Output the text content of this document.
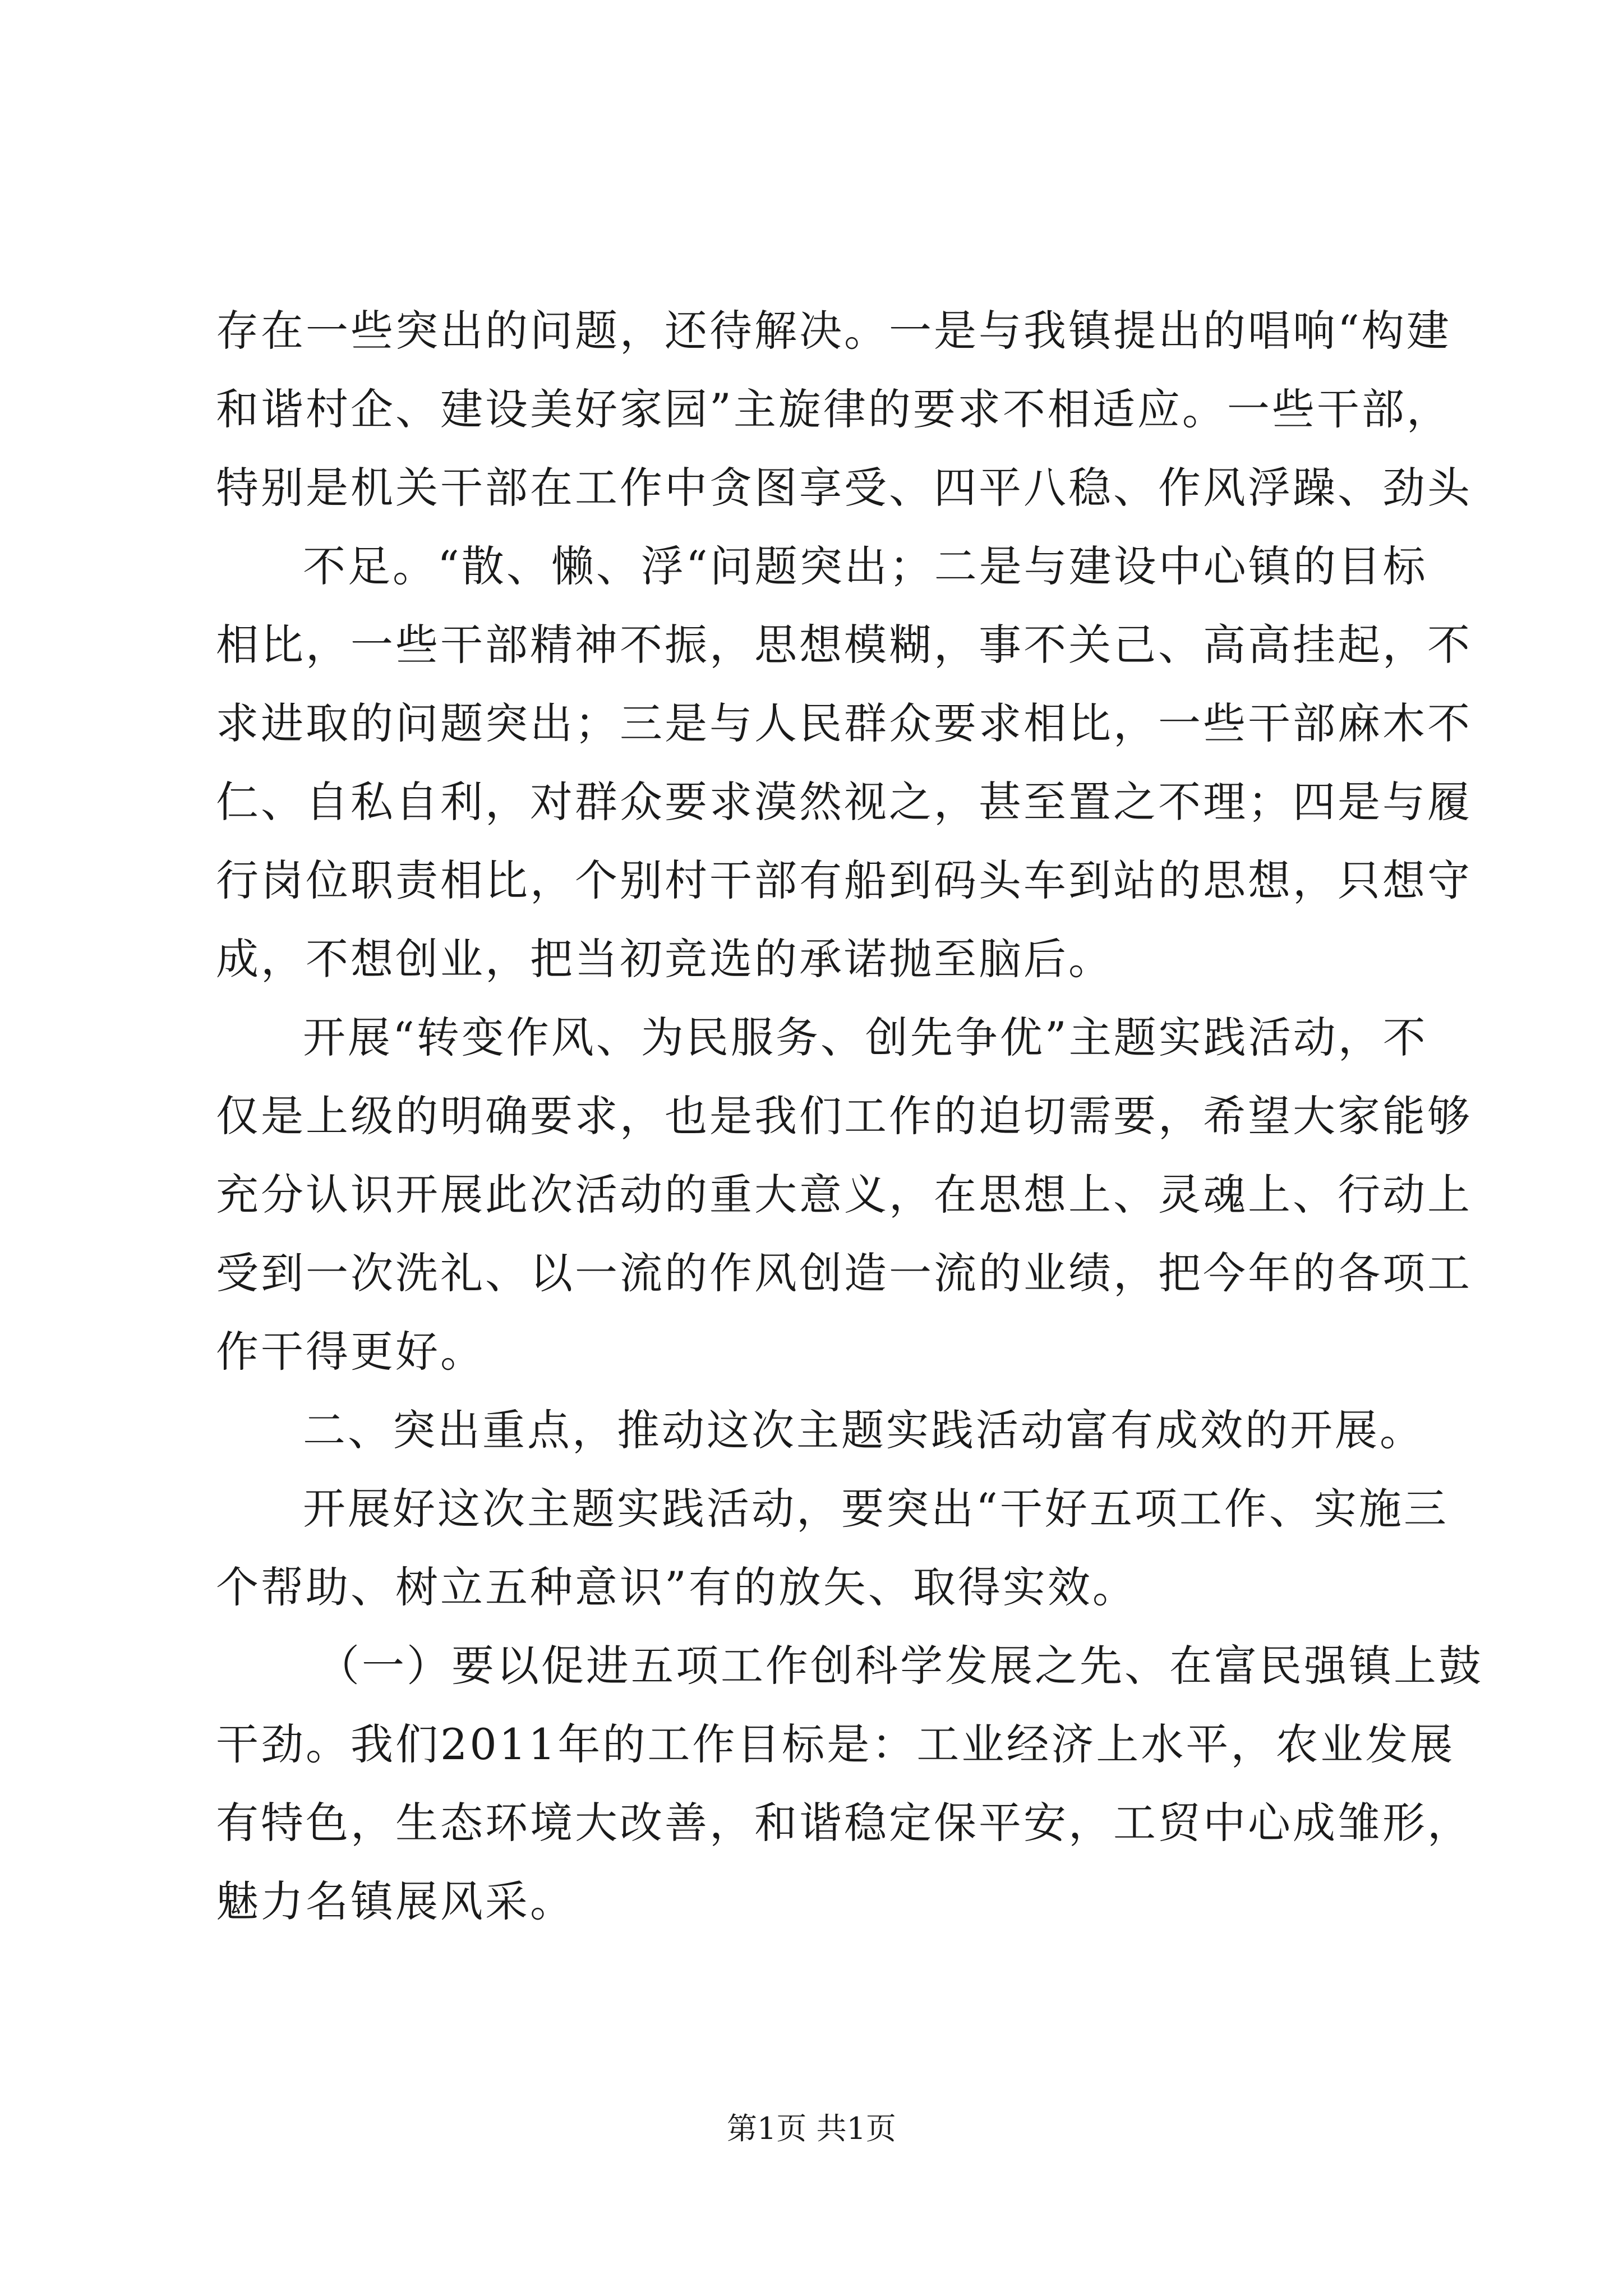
存在一些突出的问题，还待解决。一是与我镇提出的唱响“构建
和谐村企、建设美好家园”主旋律的要求不相适应。一些干部，
特别是机关干部在工作中贪图享受、四平八稳、作风浮躁、劲头
不足。“散、懒、浮“问题突出；二是与建设中心镇的目标
相比，一些干部精神不振，思想模糊，事不关己、高高挂起，不
求进取的问题突出；三是与人民群众要求相比，一些干部麻木不
仁、自私自利，对群众要求漠然视之，甚至置之不理；四是与履
行岗位职责相比，个别村干部有船到码头车到站的思想，只想守
成，不想创业，把当初竞选的承诺抛至脑后。
开展“转变作风、为民服务、创先争优”主题实践活动，不
仅是上级的明确要求，也是我们工作的迫切需要，希望大家能够
充分认识开展此次活动的重大意义，在思想上、灵魂上、行动上
受到一次洗礼、以一流的作风创造一流的业绩，把今年的各项工
作干得更好。
二、突出重点，推动这次主题实践活动富有成效的开展。
开展好这次主题实践活动，要突出“干好五项工作、实施三
个帮助、树立五种意识”有的放矢、取得实效。
（一）要以促进五项工作创科学发展之先、在富民强镇上鼓
干劲。我们2011年的工作目标是：工业经济上水平，农业发展
有特色，生态环境大改善，和谐稳定保平安，工贸中心成雏形，
魅力名镇展风采。
第1页 共1页
